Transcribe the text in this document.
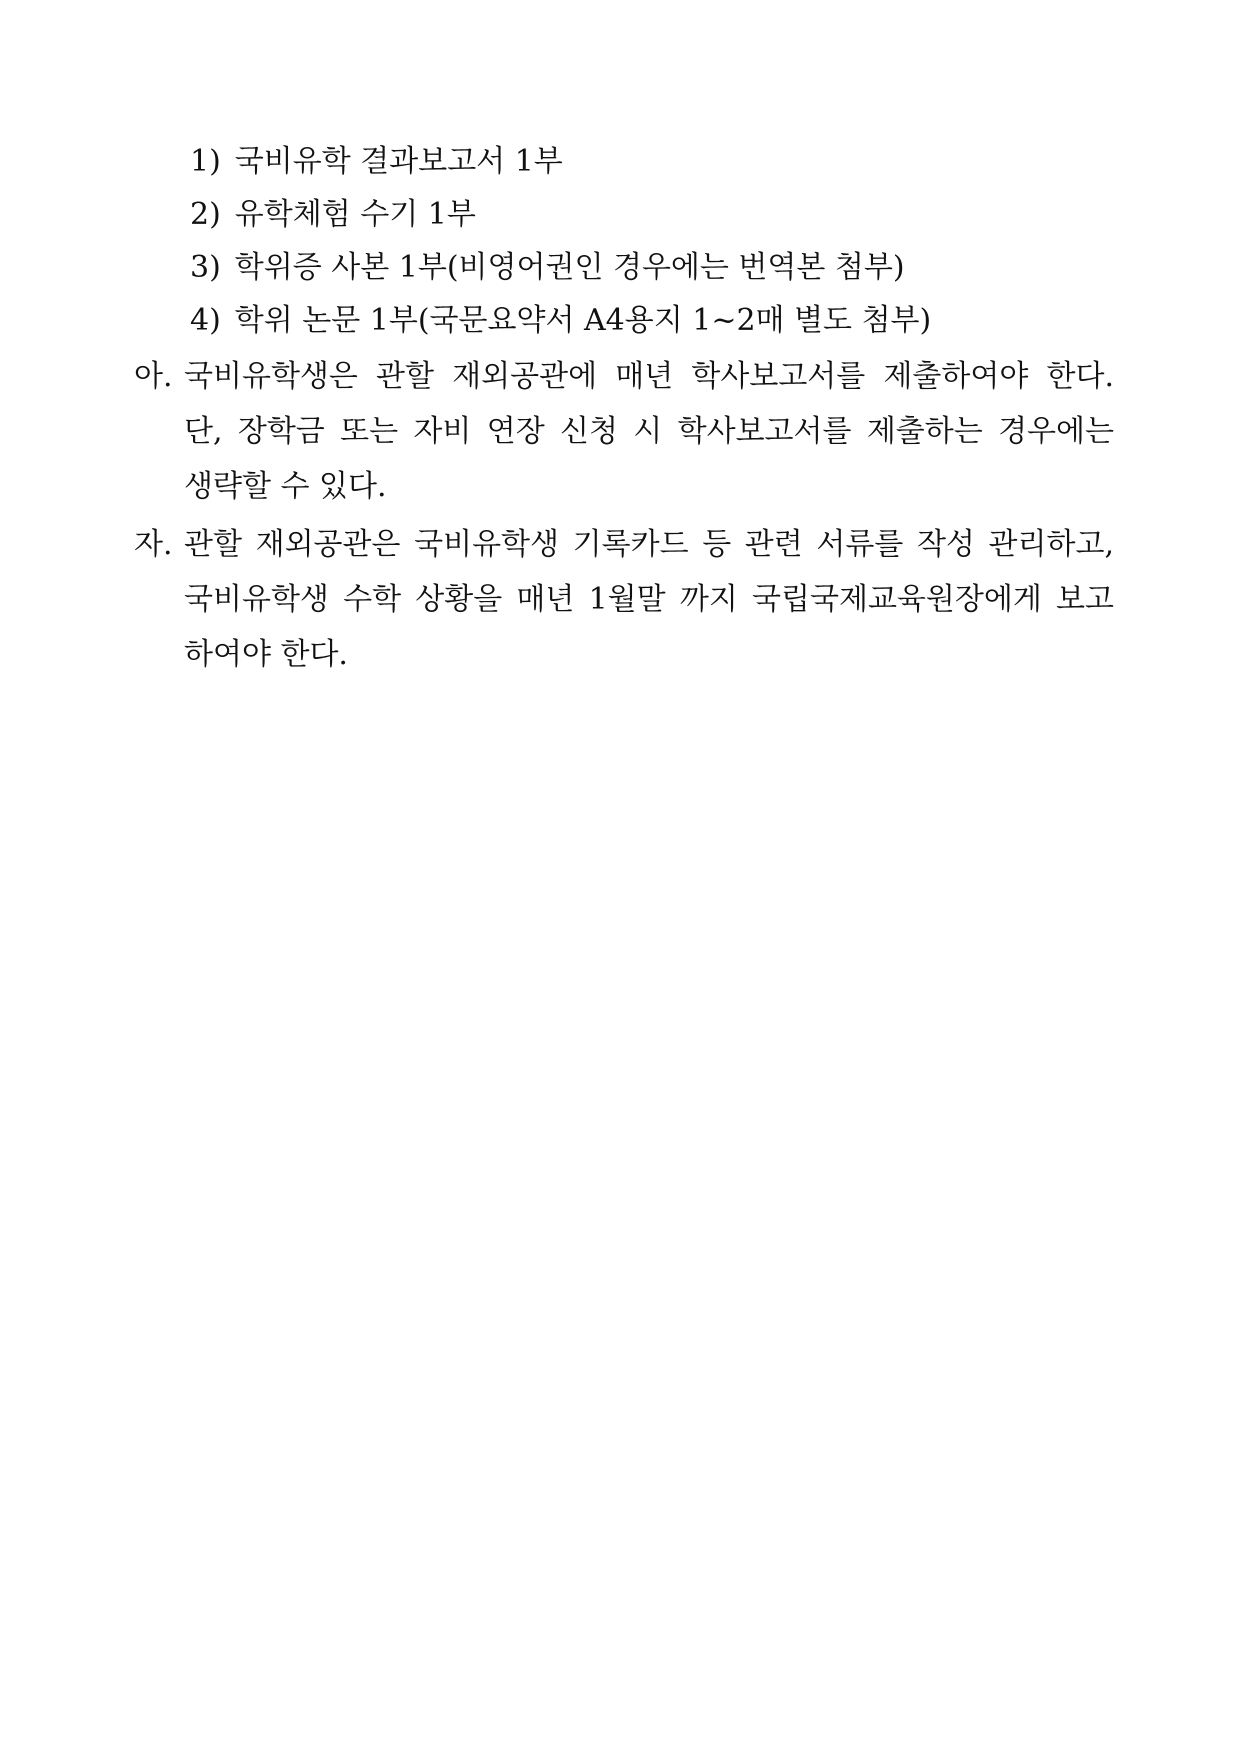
1) 국비유학 결과보고서 1부
2) 유학체험 수기 1부
3) 학위증 사본 1부(비영어권인 경우에는 번역본 첨부)
4) 학위 논문 1부(국문요약서 A4용지 1~2매 별도 첨부)
아. 국비유학생은 관할 재외공관에 매년 학사보고서를 제출하여야 한다.
단, 장학금 또는 자비 연장 신청 시 학사보고서를 제출하는 경우에는
생략할 수 있다.
자. 관할 재외공관은 국비유학생 기록카드 등 관련 서류를 작성 관리하고,
국비유학생 수학 상황을 매년 1월말 까지 국립국제교육원장에게 보고
하여야 한다.
